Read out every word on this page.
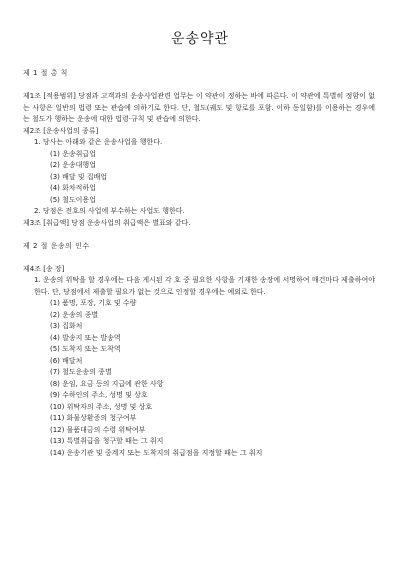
운송약관

제 1 절 총 칙

제1조 [적용범위] 당점과 고객과의 운송사업관련 업무는 이 약관이 정하는 바에 따른다. 이 약관에 특별히 정함이 없는 사항은 일반의 법령 또는 관습에 의하기로 한다. 단, 철도(궤도 및 항로를 포함. 이하 동일함)를 이용하는 경우에는 철도가 행하는 운송에 대한 법령·규칙 및 관습에 의한다.

제2조 [운송사업의 종류]

1. 당사는 아래와 같은 운송사업을 행한다.

(1) 운송취급업

(2) 운송대행업

(3) 배달 및 집배업

(4) 화차적하업

(5) 철도이용업

2. 당점은 전호의 사업에 부수하는 사업도 행한다.

제3조 [취급액] 당점 운송사업의 취급액은 별표와 같다.

제 2 절 운송의 인수

제4조 [송 장]

1. 운송의 위탁을 할 경우에는 다음 게시된 각 호 중 필요한 사항을 기재한 송장에 서명하여 매건마다 제출하여야 한다. 단, 당점에서 제출할 필요가 없는 것으로 인정할 경우에는 예외로 한다.

(1) 품명, 포장, 기호 및 수량

(2) 운송의 종별

(3) 집화처

(4) 발송지 또는 발송역

(5) 도착지 또는 도착역

(6) 배달처

(7) 철도운송의 종별

(8) 운임, 요금 등의 지급에 관한 사항

(9) 수하인의 주소, 성명 및 상호

(10) 위탁자의 주소, 성명 및 상호

(11) 화물상환증의 청구여부

(12) 물품대금의 수령 위탁여부

(13) 특별취급을 청구할 때는 그 취지

(14) 운송기관 및 중계지 또는 도착지의 취급점을 지정할 때는 그 취지
